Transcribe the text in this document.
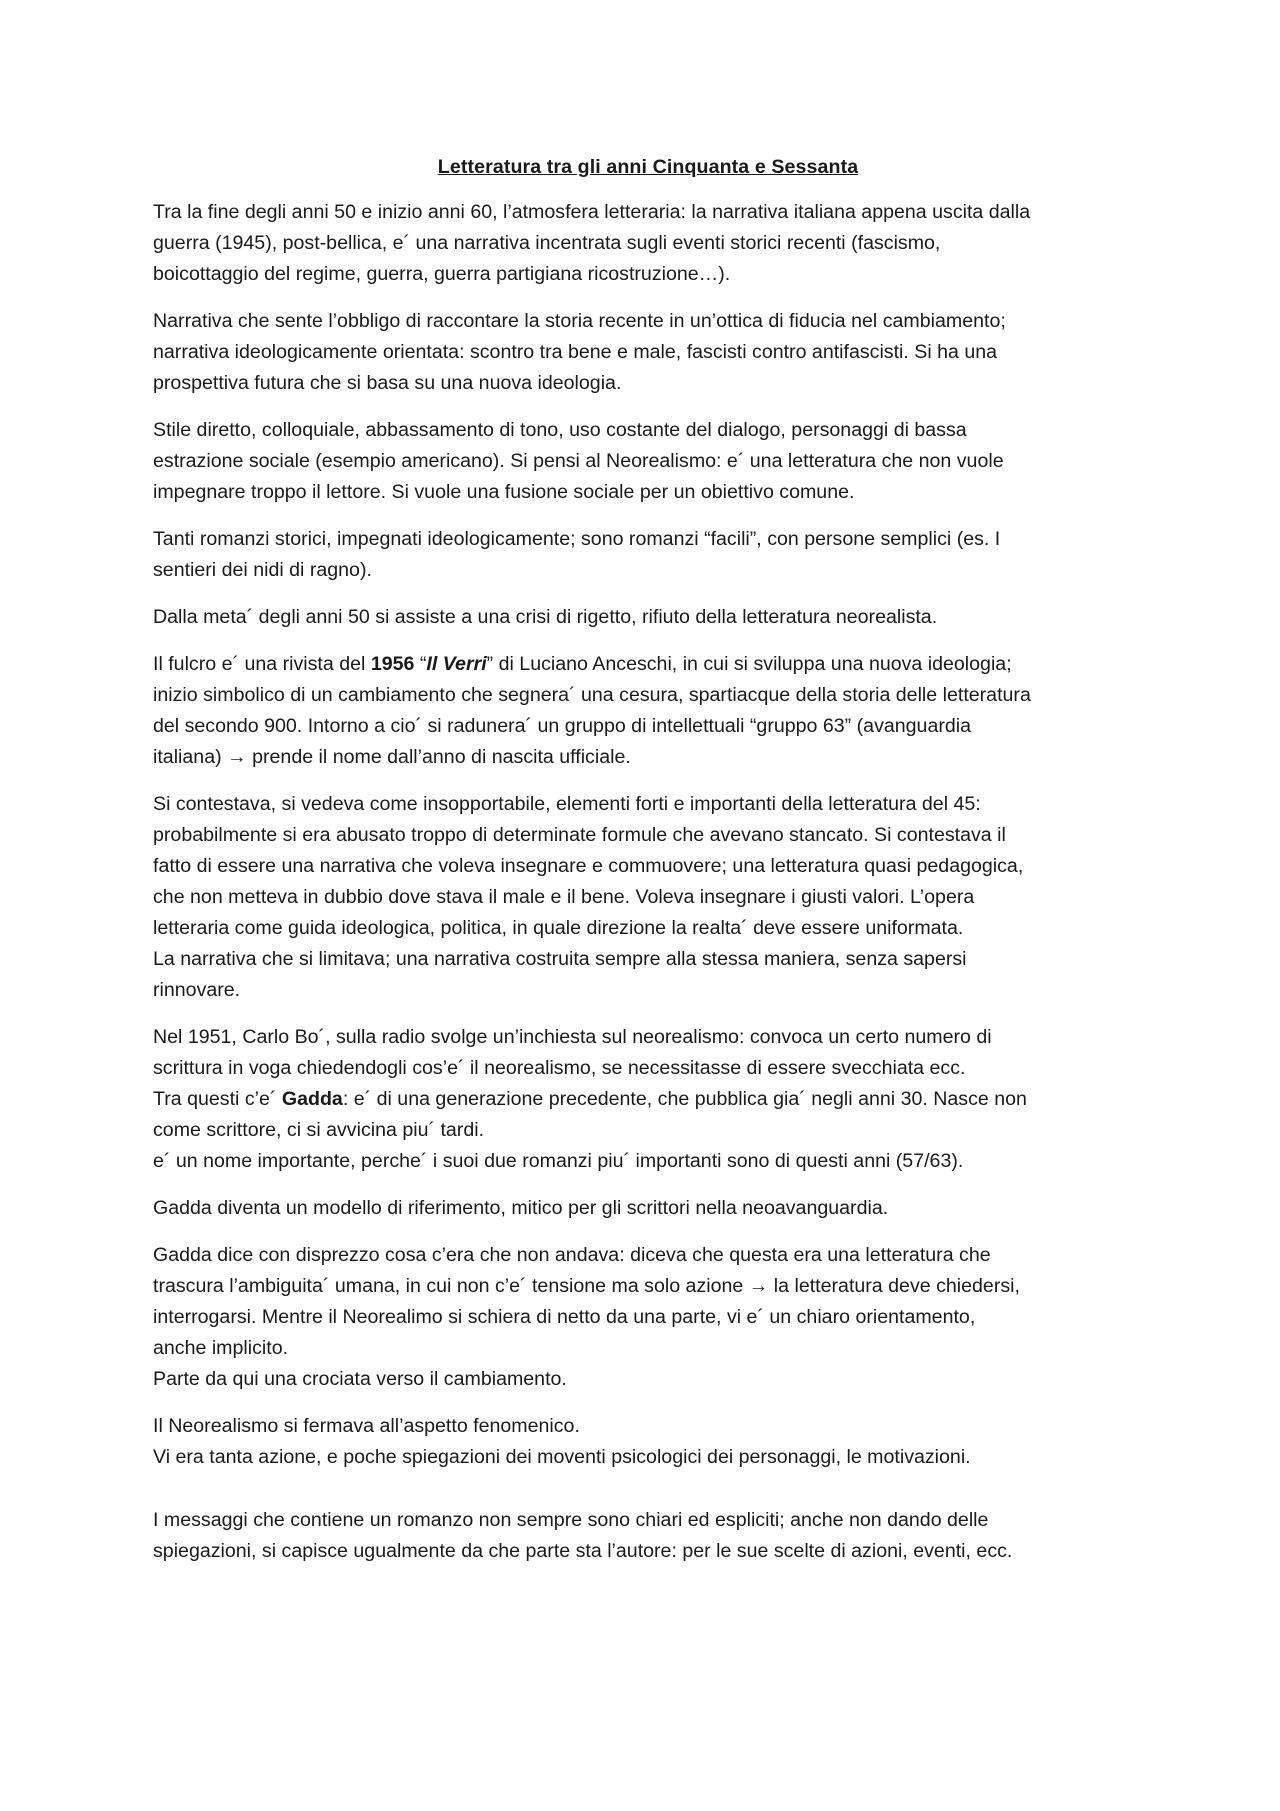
Letteratura tra gli anni Cinquanta e Sessanta
Tra la fine degli anni 50 e inizio anni 60, l’atmosfera letteraria: la narrativa italiana appena uscita dalla
guerra (1945), post-bellica, e´ una narrativa incentrata sugli eventi storici recenti (fascismo,
boicottaggio del regime, guerra, guerra partigiana ricostruzione…).
Narrativa che sente l’obbligo di raccontare la storia recente in un’ottica di fiducia nel cambiamento;
narrativa ideologicamente orientata: scontro tra bene e male, fascisti contro antifascisti. Si ha una
prospettiva futura che si basa su una nuova ideologia.
Stile diretto, colloquiale, abbassamento di tono, uso costante del dialogo, personaggi di bassa
estrazione sociale (esempio americano). Si pensi al Neorealismo: e´ una letteratura che non vuole
impegnare troppo il lettore. Si vuole una fusione sociale per un obiettivo comune.
Tanti romanzi storici, impegnati ideologicamente; sono romanzi “facili”, con persone semplici (es. I
sentieri dei nidi di ragno).
Dalla meta´ degli anni 50 si assiste a una crisi di rigetto, rifiuto della letteratura neorealista.
Il fulcro e´ una rivista del 1956 “Il Verri” di Luciano Anceschi, in cui si sviluppa una nuova ideologia;
inizio simbolico di un cambiamento che segnera´ una cesura, spartiacque della storia delle letteratura
del secondo 900. Intorno a cio´ si radunera´ un gruppo di intellettuali “gruppo 63” (avanguardia
italiana) → prende il nome dall’anno di nascita ufficiale.
Si contestava, si vedeva come insopportabile, elementi forti e importanti della letteratura del 45:
probabilmente si era abusato troppo di determinate formule che avevano stancato. Si contestava il
fatto di essere una narrativa che voleva insegnare e commuovere; una letteratura quasi pedagogica,
che non metteva in dubbio dove stava il male e il bene. Voleva insegnare i giusti valori. L’opera
letteraria come guida ideologica, politica, in quale direzione la realta´ deve essere uniformata.
La narrativa che si limitava; una narrativa costruita sempre alla stessa maniera, senza sapersi
rinnovare.
Nel 1951, Carlo Bo´, sulla radio svolge un’inchiesta sul neorealismo: convoca un certo numero di
scrittura in voga chiedendogli cos’e´ il neorealismo, se necessitasse di essere svecchiata ecc.
Tra questi c’e´ Gadda: e´ di una generazione precedente, che pubblica gia´ negli anni 30. Nasce non
come scrittore, ci si avvicina piu´ tardi.
e´ un nome importante, perche´ i suoi due romanzi piu´ importanti sono di questi anni (57/63).
Gadda diventa un modello di riferimento, mitico per gli scrittori nella neoavanguardia.
Gadda dice con disprezzo cosa c’era che non andava: diceva che questa era una letteratura che
trascura l’ambiguita´ umana, in cui non c’e´ tensione ma solo azione → la letteratura deve chiedersi,
interrogarsi. Mentre il Neorealimo si schiera di netto da una parte, vi e´ un chiaro orientamento,
anche implicito.
Parte da qui una crociata verso il cambiamento.
Il Neorealismo si fermava all’aspetto fenomenico.
Vi era tanta azione, e poche spiegazioni dei moventi psicologici dei personaggi, le motivazioni.
I messaggi che contiene un romanzo non sempre sono chiari ed espliciti; anche non dando delle
spiegazioni, si capisce ugualmente da che parte sta l’autore: per le sue scelte di azioni, eventi, ecc.
